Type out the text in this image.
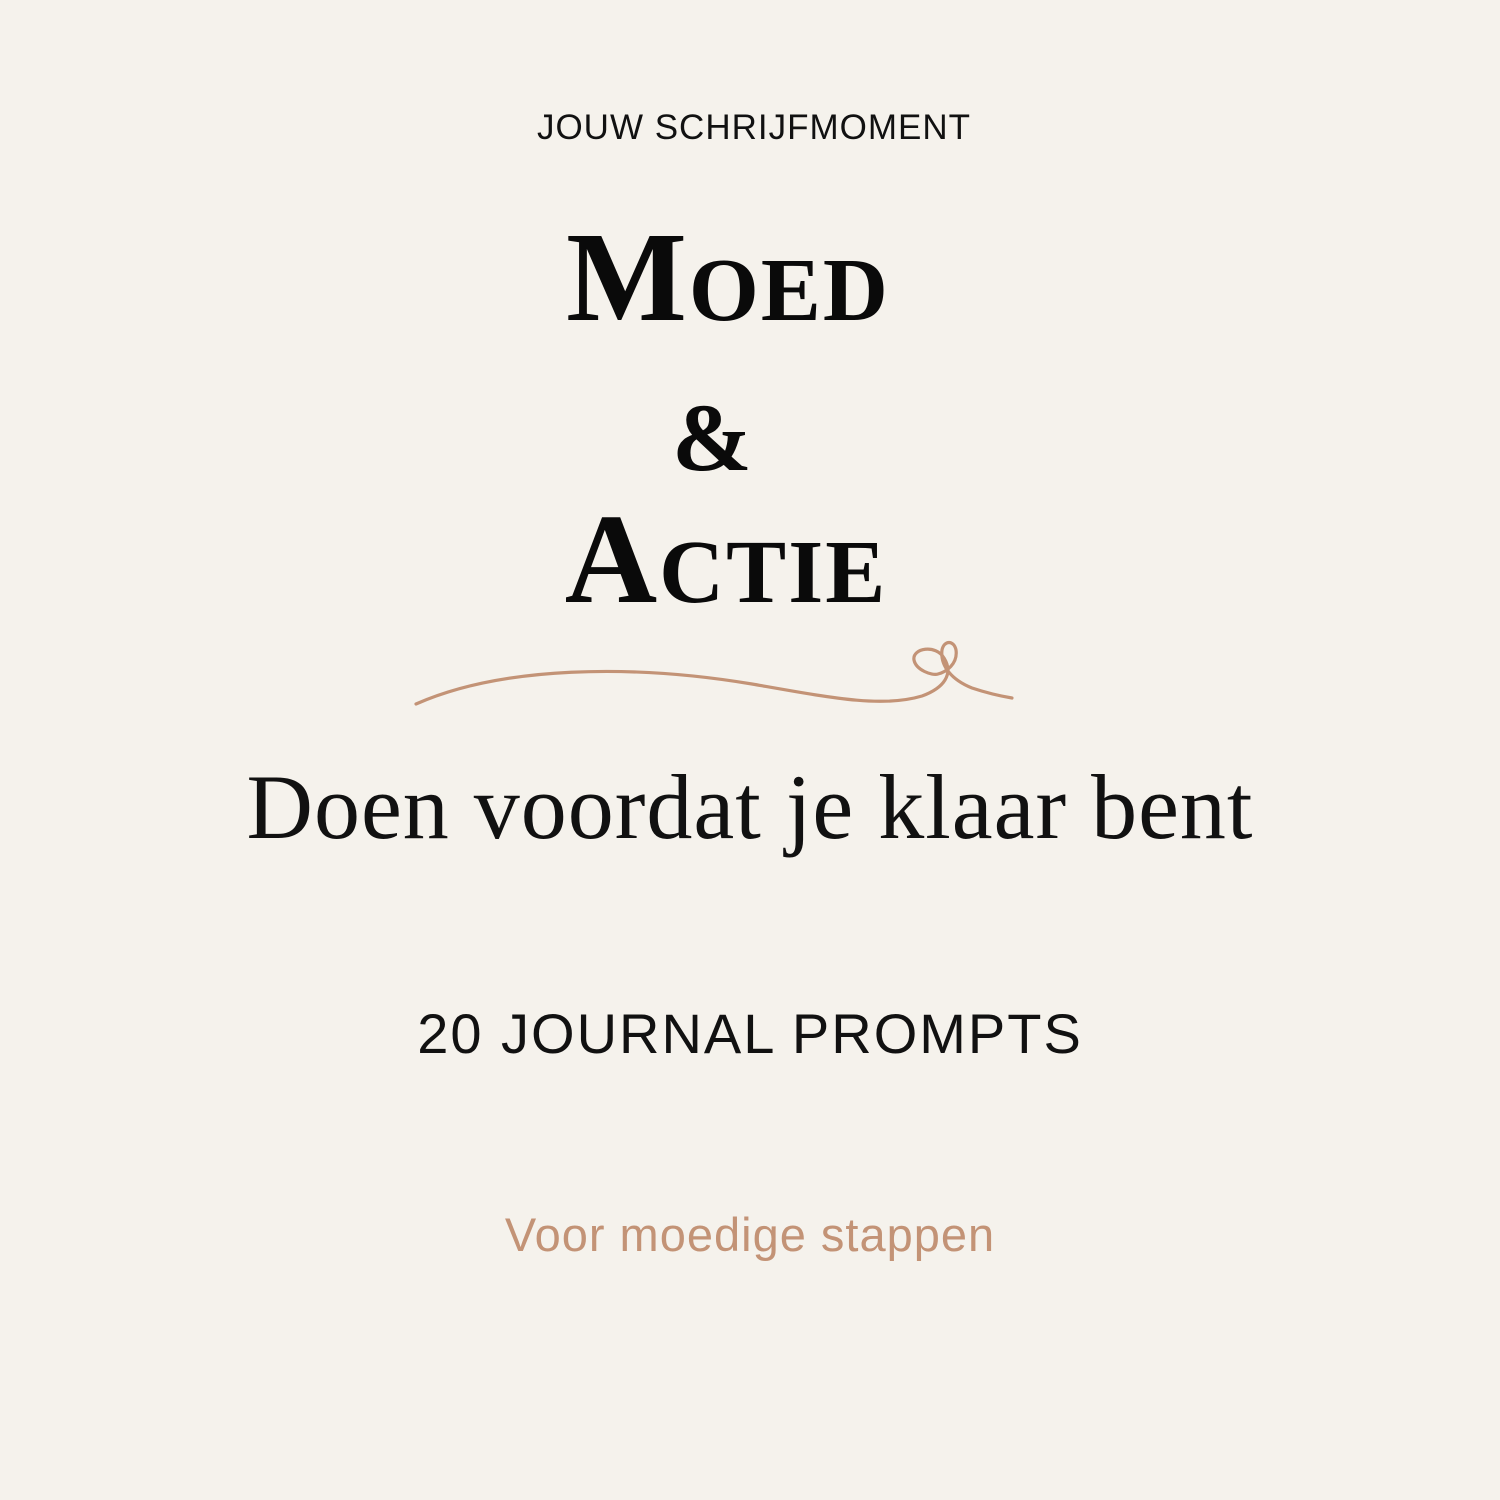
JOUW SCHRIJFMOMENT
Moed
&
Actie
Doen voordat je klaar bent
20 JOURNAL PROMPTS
Voor moedige stappen
